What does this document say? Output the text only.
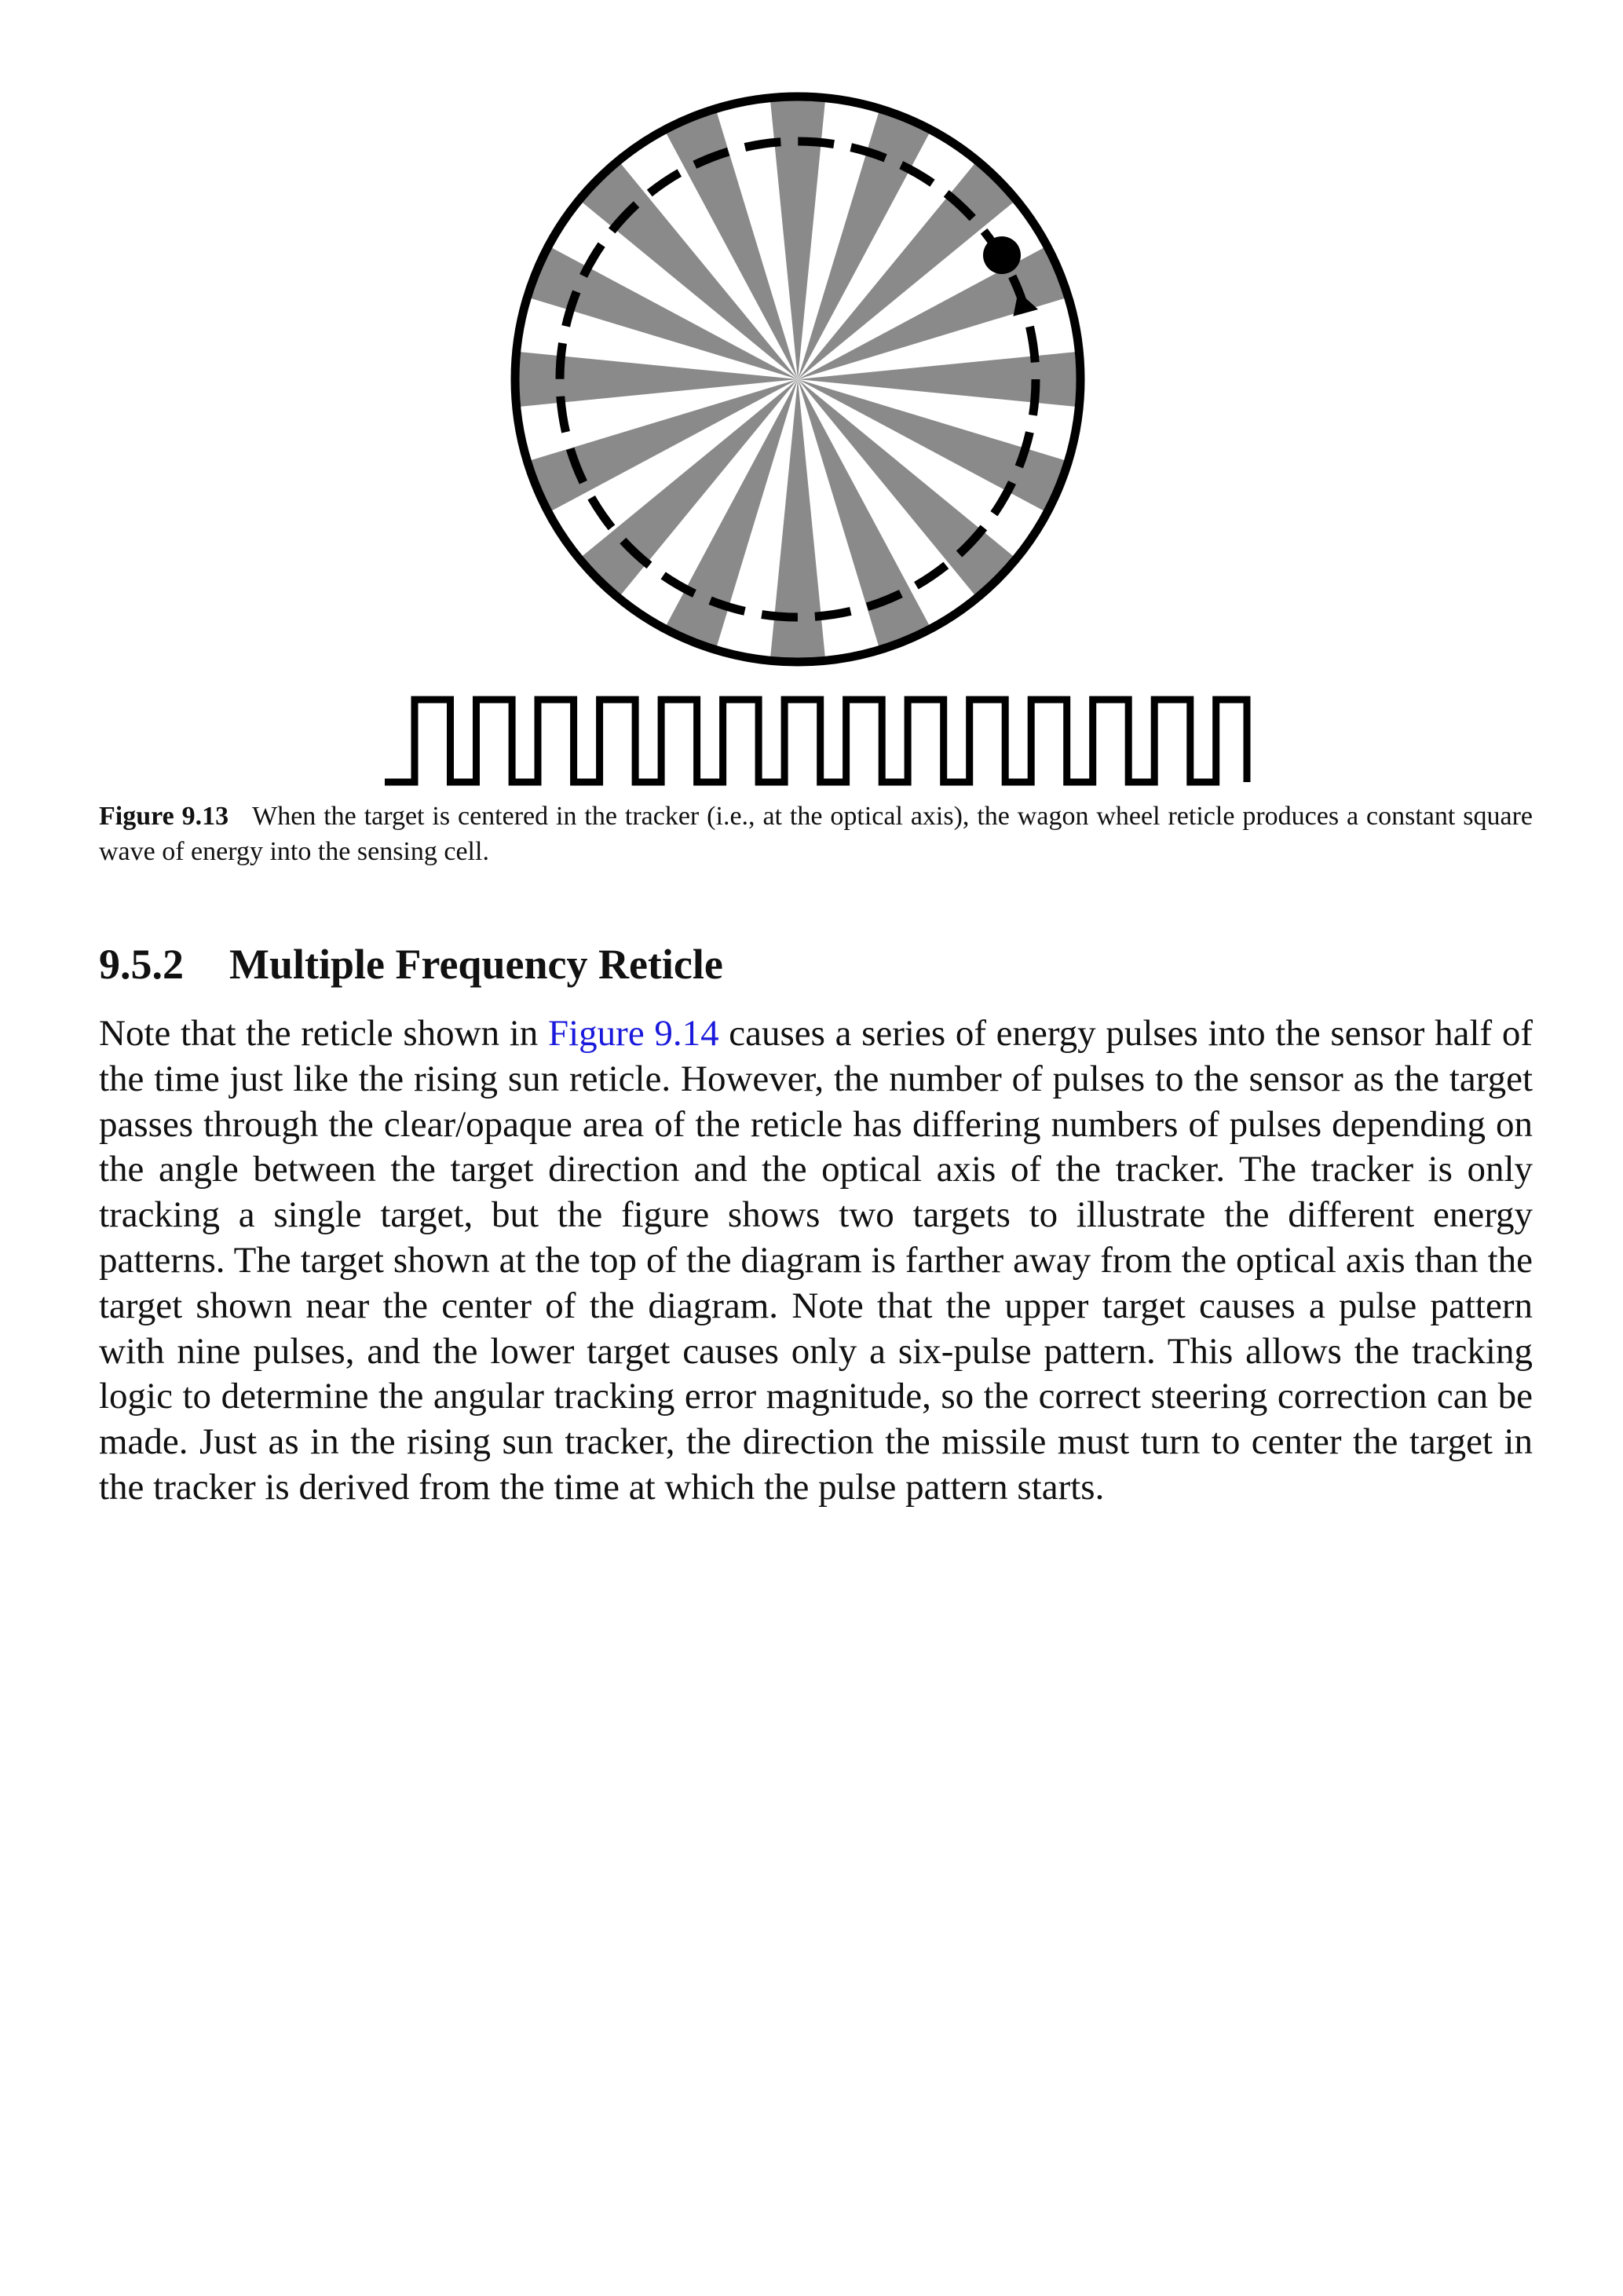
Figure 9.13 When the target is centered in the tracker (i.e., at the optical axis), the wagon wheel reticle produces a constant square wave of energy into the sensing cell.

9.5.2 Multiple Frequency Reticle

Note that the reticle shown in Figure 9.14 causes a series of energy pulses into the sensor half of the time just like the rising sun reticle. However, the number of pulses to the sensor as the target passes through the clear/opaque area of the reticle has differing numbers of pulses depending on the angle between the target direction and the optical axis of the tracker. The tracker is only tracking a single target, but the figure shows two targets to illustrate the different energy patterns. The target shown at the top of the diagram is farther away from the optical axis than the target shown near the center of the diagram. Note that the upper target causes a pulse pattern with nine pulses, and the lower target causes only a six-pulse pattern. This allows the tracking logic to determine the angular tracking error magnitude, so the correct steering correction can be made. Just as in the rising sun tracker, the direction the missile must turn to center the target in the tracker is derived from the time at which the pulse pattern starts.
